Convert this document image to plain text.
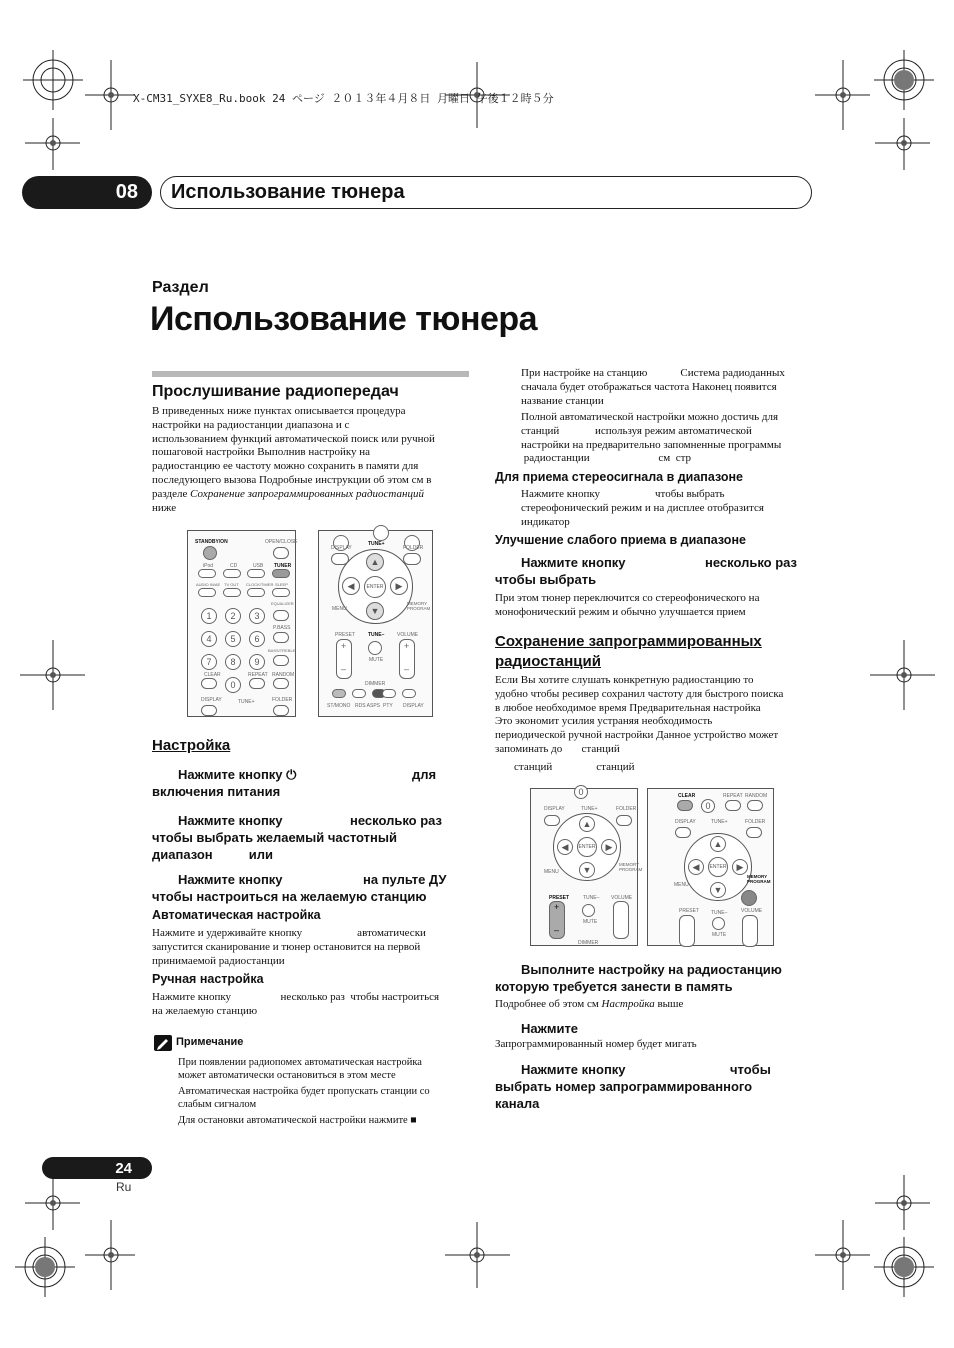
X-CM31_SYXE8_Ru.book 24 ページ ２０１３年４月８日 月曜日 午後１２時５分
08	Использование тюнера
Раздел
Использование тюнера
Прослушивание радиопередач

В приведенных ниже пунктах описывается процедура

настройки на радиостанции диапазона и с

использованием функций автоматической поиск или ручной

пошаговой настройки Выполнив настройку на

радиостанцию ее частоту можно сохранить в памяти для

последующего вызова Подробные инструкции об этом см в

разделе Сохранение запрограммированных радиостанций

ниже

STANDBY/ON	OPEN/CLOSE
iPod	CD	USB TUNER
AUDIO IN/AE TV OUT CLOCK/TIMER SLEEP
EQUALIZER
1	2	3
P.BASS
4	5	6
BASS/TREBLE
7	8	9
CLEAR	REPEAT RANDOM
0
DISPLAY	TUNE+	FOLDER
DISPLAY
TUNE+
FOLDER
▲
▼
◀	▶
ENTER
MENU
MEMORY PROGRAM
PRESET	TUNE–	VOLUME
+
–
MUTE
+
–
DIMMER
ST/MONO RDS ASPS PTY DISPLAY
Настройка
Нажмите кнопку ⏻	для
включения питания
Нажмите кнопку	несколько раз
чтобы выбрать желаемый частотный
диапазон          или
Нажмите кнопку	на пульте ДУ
чтобы настроиться на желаемую станцию
Автоматическая настройка

Нажмите и удерживайте кнопку                    автоматически

запустится сканирование и тюнер остановится на первой

принимаемой радиостанции

Ручная настройка

Нажмите кнопку                  несколько раз  чтобы настроиться

на желаемую станцию

Примечание

При появлении радиопомех автоматическая настройка

может автоматически остановиться в этом месте

Автоматическая настройка будет пропускать станции со

слабым сигналом

Для остановки автоматической настройки нажмите ■

При настройке на станцию            Система радиоданных

сначала будет отображаться частота Наконец появится

название станции

Полной автоматической настройки можно достичь для

станций             используя режим автоматической

настройки на предварительно запомненные программы

радиостанции                         см  стр

Для приема стереосигнала в диапазоне

Нажмите кнопку                    чтобы выбрать

стереофонический режим и на дисплее отобразится

индикатор

Улучшение слабого приема в диапазоне
Нажмите кнопку	несколько раз
чтобы выбрать

При этом тюнер переключится со стереофонического на

монофонический режим и обычно улучшается прием

Сохранение запрограммированных
радиостанций

Если Вы хотите слушать конкретную радиостанцию то

удобно чтобы ресивер сохранил частоту для быстрого поиска

в любое необходимое время Предварительная настройка

Это экономит усилия устраняя необходимость

периодической ручной настройки Данное устройство может

запоминать до       станций

станций                станций

0
DISPLAY	TUNE+	FOLDER
▲
▼
◀	▶
ENTER
MENU
MEMORY PROGRAM
PRESET	TUNE– VOLUME
+
–
MUTE
DIMMER
CLEAR	REPEAT RANDOM
0
DISPLAY	TUNE+	FOLDER
▲
▼
◀	▶
ENTER
MENU
MEMORY PROGRAM
PRESET TUNE–	VOLUME
MUTE
Выполните настройку на радиостанцию
которую требуется занести в память

Подробнее об этом см Настройка выше

Нажмите

Запрограммированный номер будет мигать

Нажмите кнопку	чтобы
выбрать номер запрограммированного
канала
24
Ru
